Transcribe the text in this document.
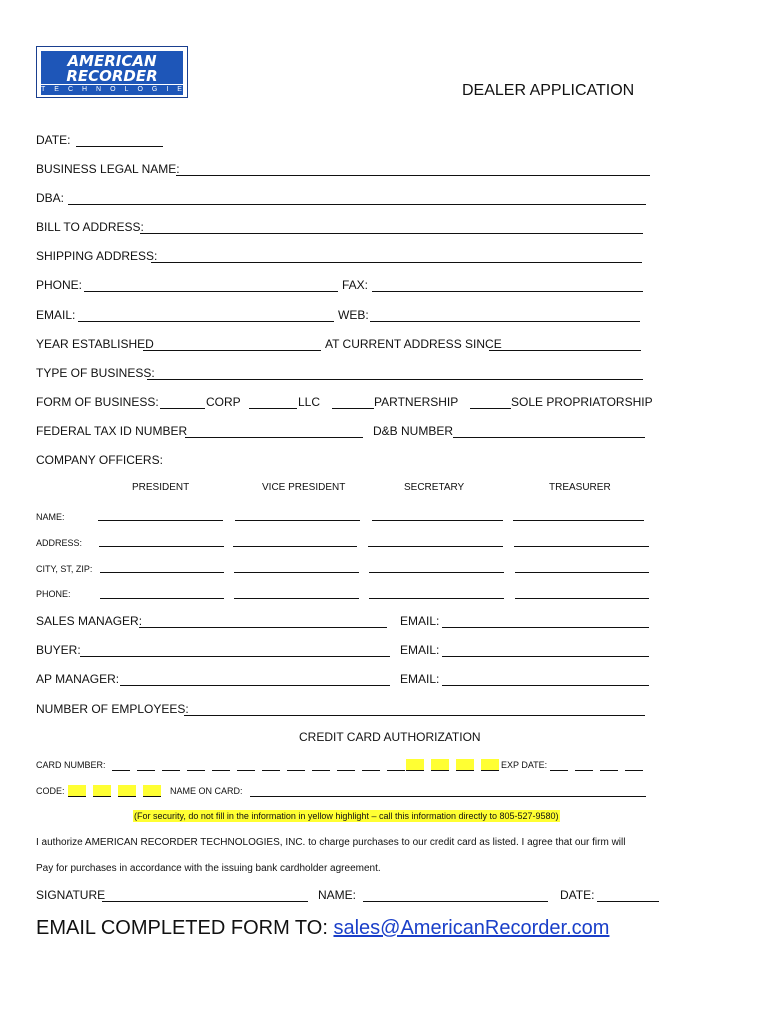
AMERICAN
RECORDER
TECHNOLOGIES	DEALER APPLICATION
DATE:
BUSINESS LEGAL NAME:
DBA:
BILL TO ADDRESS:
SHIPPING ADDRESS:
PHONE:	FAX:
EMAIL:	WEB:
YEAR ESTABLISHED	AT CURRENT ADDRESS SINCE
TYPE OF BUSINESS:
FORM OF BUSINESS:	CORP	LLC	PARTNERSHIP	SOLE PROPRIATORSHIP
FEDERAL TAX ID NUMBER	D&B NUMBER
COMPANY OFFICERS:
PRESIDENT	VICE PRESIDENT	SECRETARY	TREASURER
NAME:
ADDRESS:
CITY, ST, ZIP:
PHONE:
SALES MANAGER:	EMAIL:
BUYER:	EMAIL:
AP MANAGER:	EMAIL:
NUMBER OF EMPLOYEES:
CREDIT CARD AUTHORIZATION
CARD NUMBER:	EXP DATE:
CODE:	NAME ON CARD:
(For security, do not fill in the information in yellow highlight – call this information directly to 805-527-9580)
I authorize AMERICAN RECORDER TECHNOLOGIES, INC. to charge purchases to our credit card as listed. I agree that our firm will
Pay for purchases in accordance with the issuing bank cardholder agreement.
SIGNATURE	NAME:	DATE:
EMAIL COMPLETED FORM TO: sales@AmericanRecorder.com
